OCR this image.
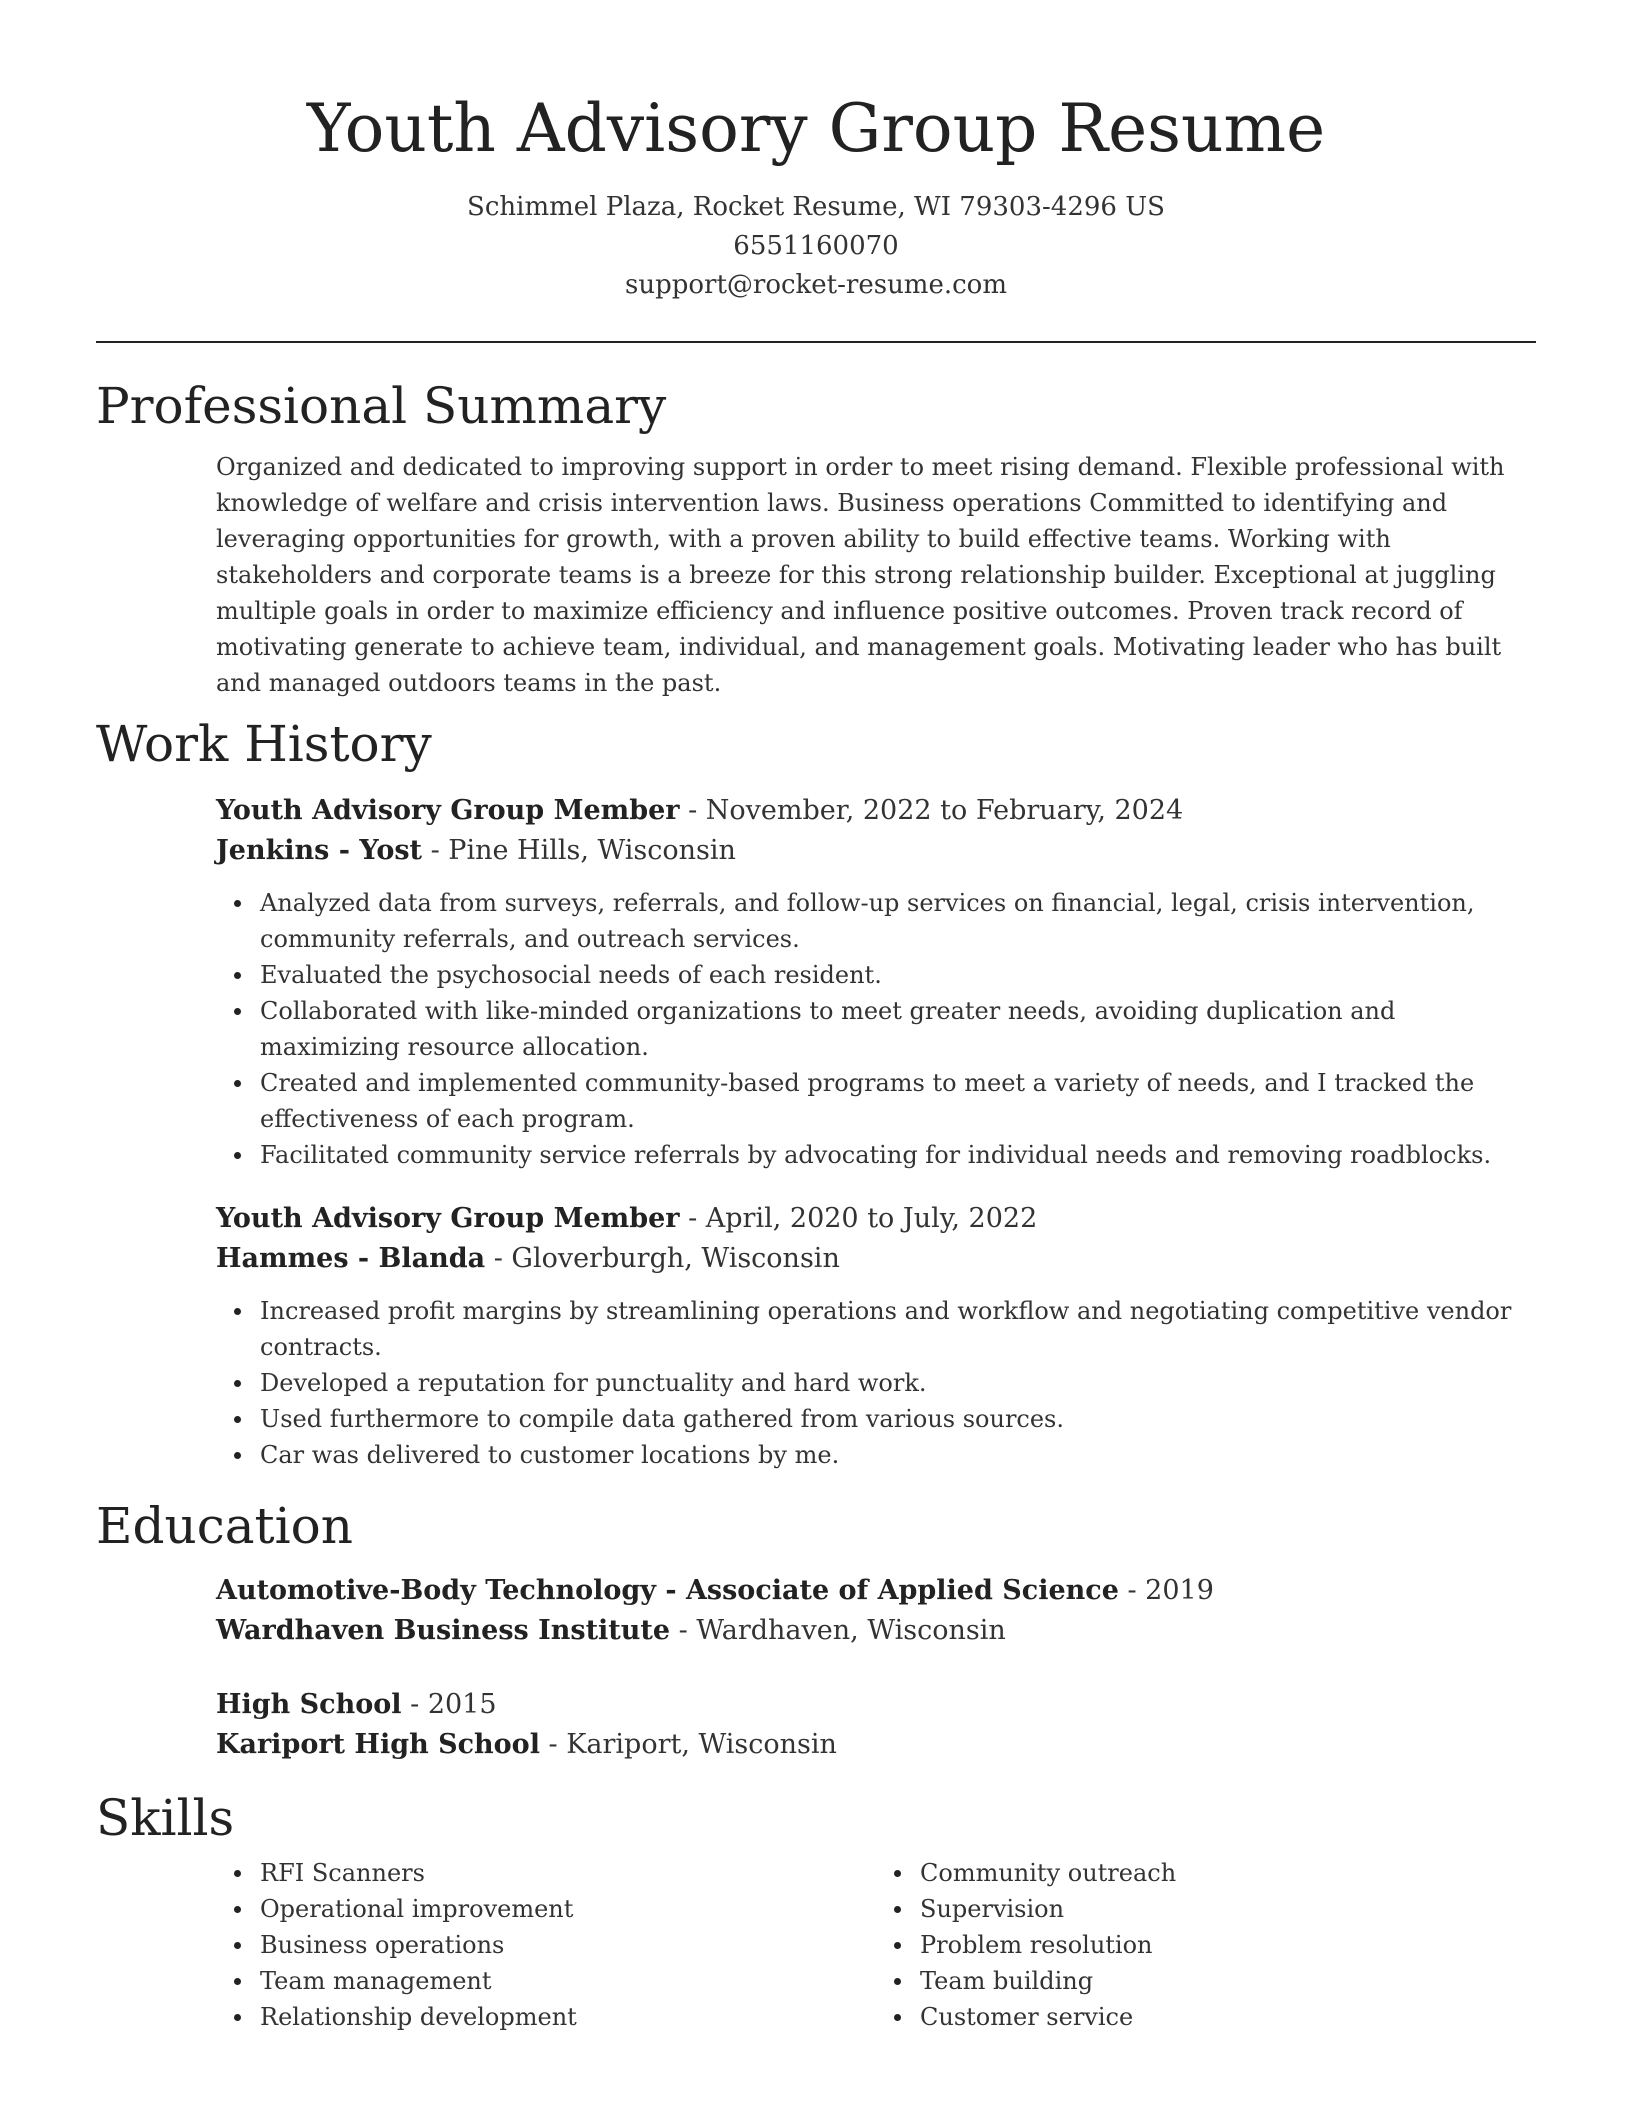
Youth Advisory Group Resume
Schimmel Plaza, Rocket Resume, WI 79303-4296 US
6551160070
support@rocket-resume.com
Professional Summary

Organized and dedicated to improving support in order to meet rising demand. Flexible professional with knowledge of welfare and crisis intervention laws. Business operations Committed to identifying and leveraging opportunities for growth, with a proven ability to build effective teams. Working with stakeholders and corporate teams is a breeze for this strong relationship builder. Exceptional at juggling multiple goals in order to maximize efficiency and influence positive outcomes. Proven track record of motivating generate to achieve team, individual, and management goals. Motivating leader who has built and managed outdoors teams in the past.

Work History
Youth Advisory Group Member - November, 2022 to February, 2024
Jenkins - Yost - Pine Hills, Wisconsin
Analyzed data from surveys, referrals, and follow-up services on financial, legal, crisis intervention, community referrals, and outreach services.
Evaluated the psychosocial needs of each resident.
Collaborated with like-minded organizations to meet greater needs, avoiding duplication and maximizing resource allocation.
Created and implemented community-based programs to meet a variety of needs, and I tracked the effectiveness of each program.
Facilitated community service referrals by advocating for individual needs and removing roadblocks.
Youth Advisory Group Member - April, 2020 to July, 2022
Hammes - Blanda - Gloverburgh, Wisconsin
Increased profit margins by streamlining operations and workflow and negotiating competitive vendor contracts.
Developed a reputation for punctuality and hard work.
Used furthermore to compile data gathered from various sources.
Car was delivered to customer locations by me.
Education
Automotive-Body Technology - Associate of Applied Science - 2019
Wardhaven Business Institute - Wardhaven, Wisconsin
High School - 2015
Kariport High School - Kariport, Wisconsin
Skills
RFI Scanners
Operational improvement
Business operations
Team management
Relationship development
Community outreach
Supervision
Problem resolution
Team building
Customer service
